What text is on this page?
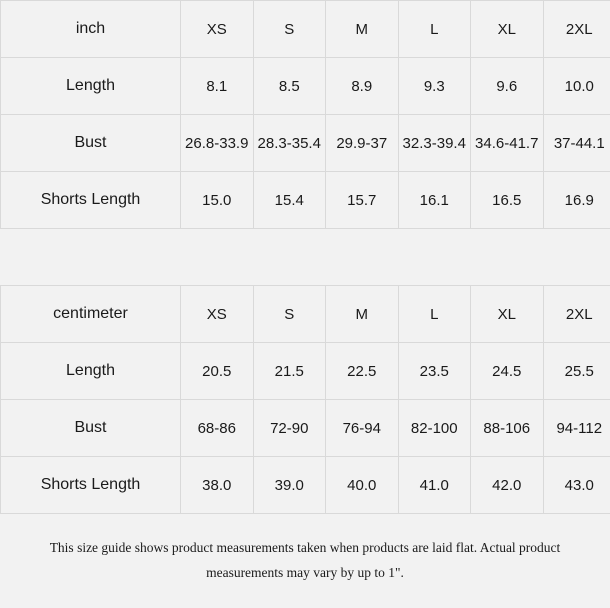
inch	XS	S	M	L	XL	2XL
Length	8.1	8.5	8.9	9.3	9.6	10.0
Bust	26.8-33.9	28.3-35.4	29.9-37	32.3-39.4	34.6-41.7	37-44.1
Shorts Length	15.0	15.4	15.7	16.1	16.5	16.9
centimeter	XS	S	M	L	XL	2XL
Length	20.5	21.5	22.5	23.5	24.5	25.5
Bust	68-86	72-90	76-94	82-100	88-106	94-112
Shorts Length	38.0	39.0	40.0	41.0	42.0	43.0
This size guide shows product measurements taken when products are laid flat. Actual product
measurements may vary by up to 1".
